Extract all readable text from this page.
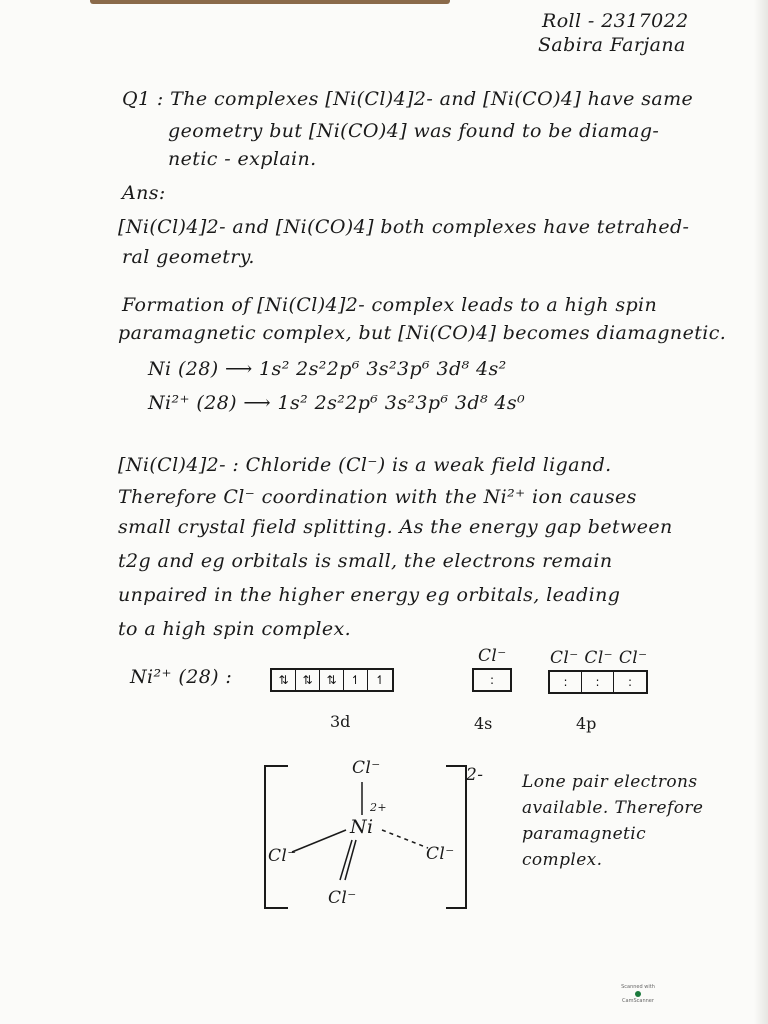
Roll - 2317022
Sabira Farjana
Q1 : The complexes [Ni(Cl)4]2- and [Ni(CO)4] have same
geometry but [Ni(CO)4] was found to be diamag-
netic - explain.
Ans:
[Ni(Cl)4]2- and [Ni(CO)4] both complexes have tetrahed-
ral geometry.
Formation of [Ni(Cl)4]2- complex leads to a high spin
paramagnetic complex, but [Ni(CO)4] becomes diamagnetic.
Ni (28) ⟶ 1s² 2s²2p⁶ 3s²3p⁶ 3d⁸ 4s²
Ni²⁺ (28) ⟶ 1s² 2s²2p⁶ 3s²3p⁶ 3d⁸ 4s⁰
[Ni(Cl)4]2- : Chloride (Cl⁻) is a weak field ligand.
Therefore Cl⁻ coordination with the Ni²⁺ ion causes
small crystal field splitting. As the energy gap between
t2g and eg orbitals is small, the electrons remain
unpaired in the higher energy eg orbitals, leading
to a high spin complex.
Ni²⁺ (28) :	⇅	⇅	⇅	↿	↿
Cl⁻
:
Cl⁻ Cl⁻ Cl⁻
:	:	:
3d	4s	4p
Cl⁻	2-
Ni
2+
Cl⁻	Cl⁻
Cl⁻
Lone pair electrons
available. Therefore
paramagnetic
complex.
Scanned with
CamScanner
